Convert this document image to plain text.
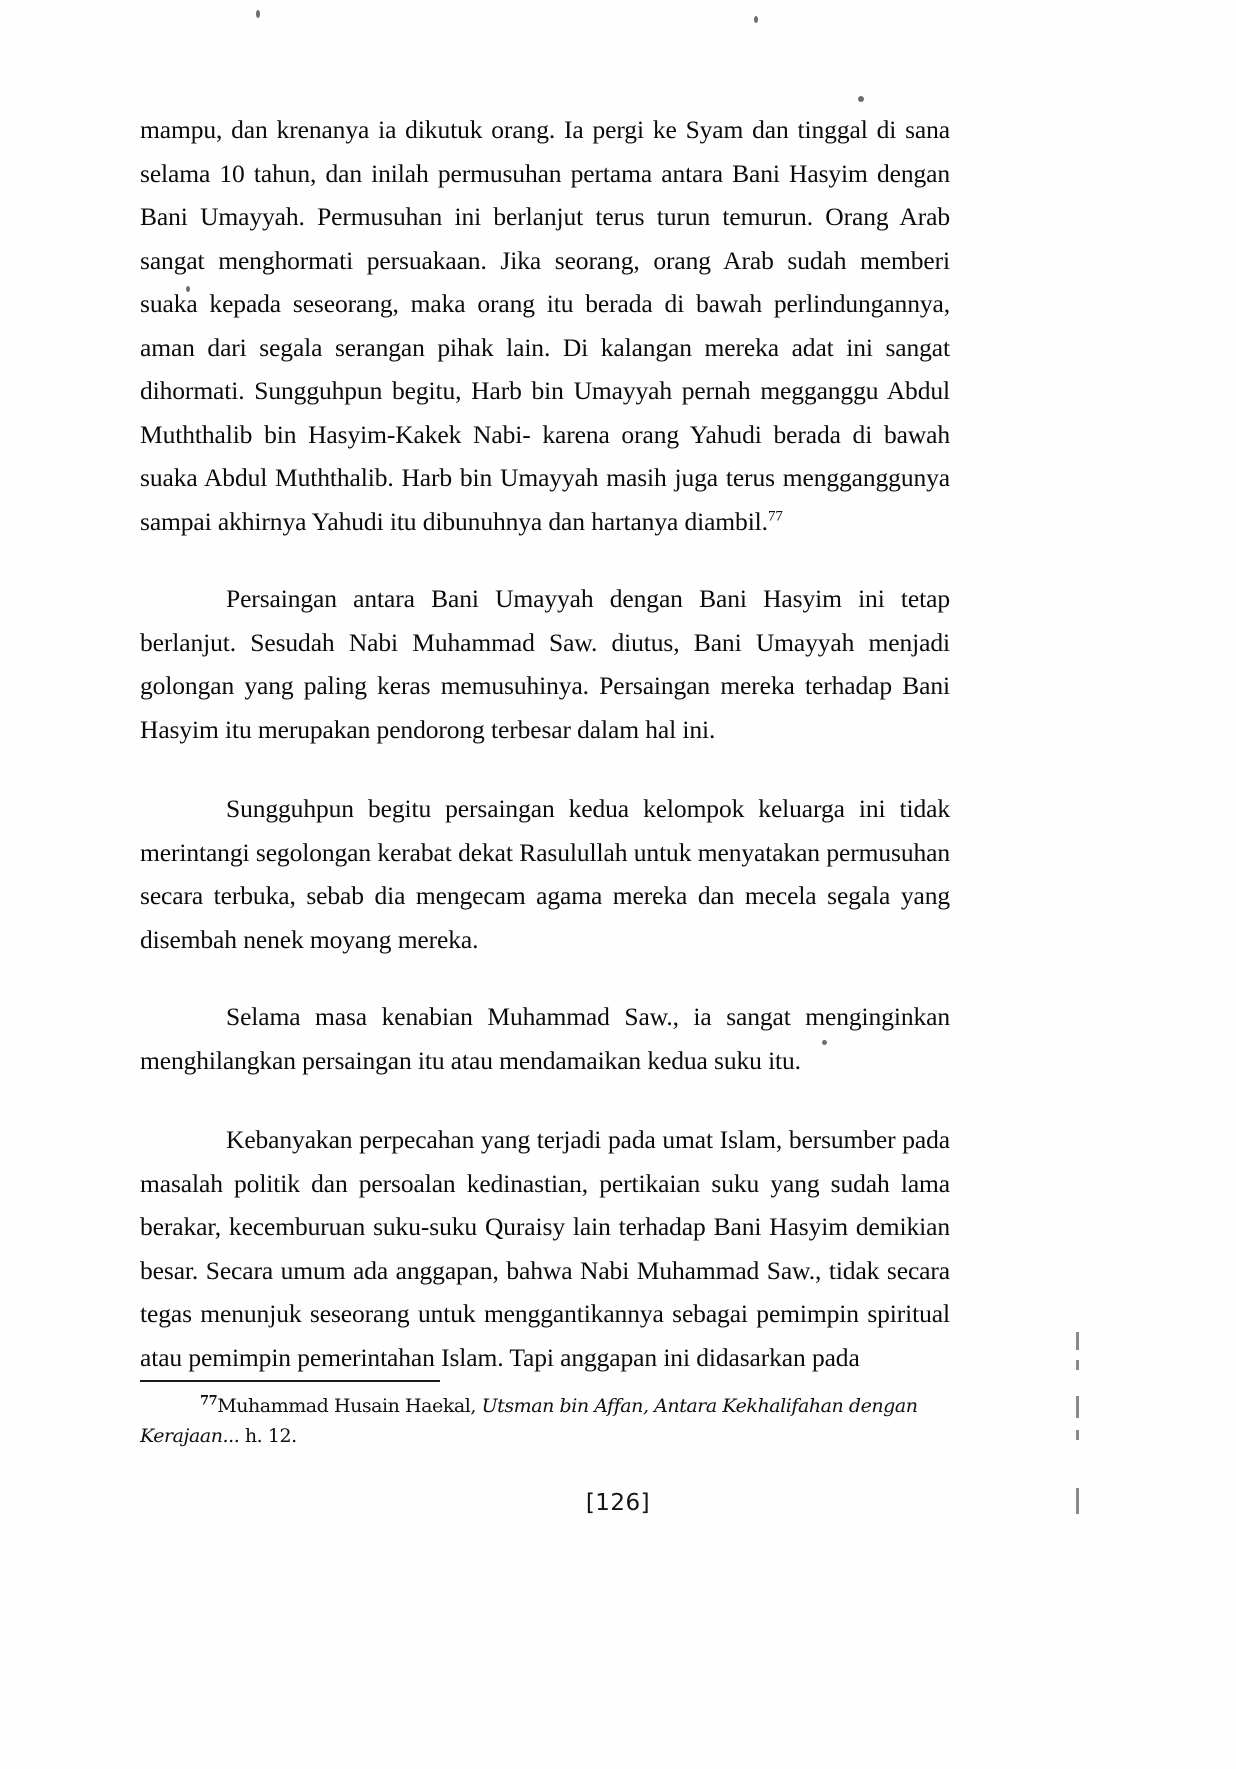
mampu, dan krenanya ia dikutuk orang. Ia pergi ke Syam dan tinggal di sana selama 10 tahun, dan inilah permusuhan pertama antara Bani Hasyim dengan Bani Umayyah. Permusuhan ini berlanjut terus turun temurun. Orang Arab sangat menghormati persuakaan. Jika seorang, orang Arab sudah memberi suaka kepada seseorang, maka orang itu berada di bawah perlindungannya, aman dari segala serangan pihak lain. Di kalangan mereka adat ini sangat dihormati. Sungguhpun begitu, Harb bin Umayyah pernah megganggu Abdul Muththalib bin Hasyim-Kakek Nabi- karena orang Yahudi berada di bawah suaka Abdul Muththalib. Harb bin Umayyah masih juga terus mengganggunya sampai akhirnya Yahudi itu dibunuhnya dan hartanya diambil.$^{77}$

Persaingan antara Bani Umayyah dengan Bani Hasyim ini tetap berlanjut. Sesudah Nabi Muhammad Saw. diutus, Bani Umayyah menjadi golongan yang paling keras memusuhinya. Persaingan mereka terhadap Bani Hasyim itu merupakan pendorong terbesar dalam hal ini.

Sungguhpun begitu persaingan kedua kelompok keluarga ini tidak merintangi segolongan kerabat dekat Rasulullah untuk menyatakan permusuhan secara terbuka, sebab dia mengecam agama mereka dan mecela segala yang disembah nenek moyang mereka.

Selama masa kenabian Muhammad Saw., ia sangat menginginkan menghilangkan persaingan itu atau mendamaikan kedua suku itu.

Kebanyakan perpecahan yang terjadi pada umat Islam, bersumber pada masalah politik dan persoalan kedinastian, pertikaian suku yang sudah lama berakar, kecemburuan suku-suku Quraisy lain terhadap Bani Hasyim demikian besar. Secara umum ada anggapan, bahwa Nabi Muhammad Saw., tidak secara tegas menunjuk seseorang untuk menggantikannya sebagai pemimpin spiritual atau pemimpin pemerintahan Islam. Tapi anggapan ini didasarkan pada

$^{77}$Muhammad Husain Haekal, Utsman bin Affan, Antara Kekhalifahan dengan Kerajaan... h. 12.
[126]
